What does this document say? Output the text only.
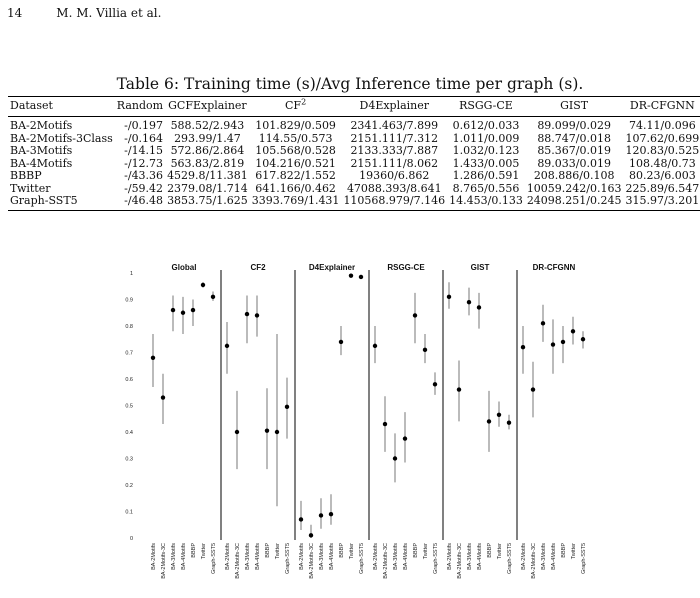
14	M. M. Villia et al.
Table 6: Training time (s)/Avg Inference time per graph (s).
Dataset	Random	GCFExplainer	$CF^2$	D4Explainer	RSGG-CE	GIST	DR-CFGNN
BA-2Motifs	-/0.197	588.52/2.943	101.829/0.509	2341.463/7.899	0.612/0.033	89.099/0.029	74.11/0.096
BA-2Motifs-3Class	-/0.164	293.99/1.47	114.55/0.573	2151.111/7.312	1.011/0.009	88.747/0.018	107.62/0.699
BA-3Motifs	-/14.15	572.86/2.864	105.568/0.528	2133.333/7.887	1.032/0.123	85.367/0.019	120.83/0.525
BA-4Motifs	-/12.73	563.83/2.819	104.216/0.521	2151.111/8.062	1.433/0.005	89.033/0.019	108.48/0.73
BBBP	-/43.36	4529.8/11.381	617.822/1.552	19360/6.862	1.286/0.591	208.886/0.108	80.23/6.003
Twitter	-/59.42	2379.08/1.714	641.166/0.462	47088.393/8.641	8.765/0.556	10059.242/0.163	225.89/6.547
Graph-SST5	-/46.48	3853.75/1.625	3393.769/1.431	110568.979/7.146	14.453/0.133	24098.251/0.245	315.97/3.201
0
0.1
0.2
0.3
0.4
0.5
0.6
0.7
0.8
0.9
1
Global
BA-2Motifs BA-2Motifs-3C BA-3Motifs BA-4Motifs BBBP Twitter Graph-SST5
CF2
BA-2Motifs BA-2Motifs-3C BA-3Motifs BA-4Motifs BBBP Twitter Graph-SST5
D4Explainer
BA-2Motifs BA-2Motifs-3C BA-3Motifs BA-4Motifs BBBP Twitter Graph-SST5
RSGG-CE
BA-2Motifs BA-2Motifs-3C BA-3Motifs BA-4Motifs BBBP Twitter Graph-SST5
GIST
BA-2Motifs BA-2Motifs-3C BA-3Motifs BA-4Motifs BBBP Twitter Graph-SST5
DR-CFGNN
BA-2Motifs BA-2Motifs-3C BA-3Motifs BA-4Motifs BBBP Twitter Graph-SST5
